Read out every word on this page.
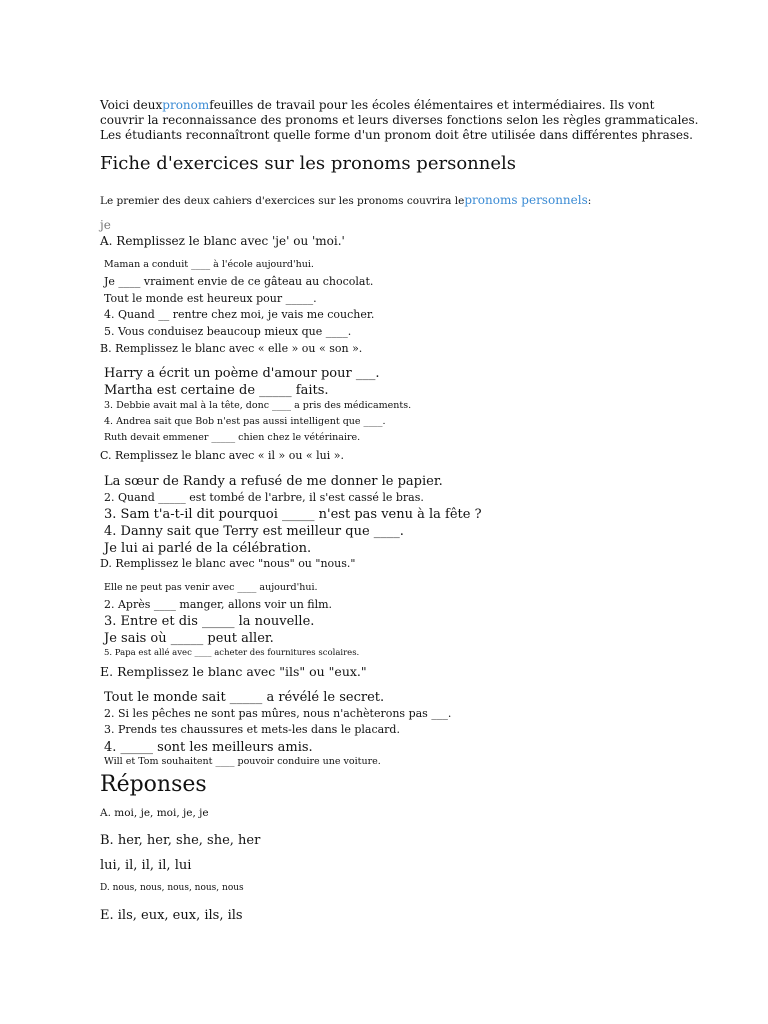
Voici deuxpronomfeuilles de travail pour les écoles élémentaires et intermédiaires. Ils vont
couvrir la reconnaissance des pronoms et leurs diverses fonctions selon les règles grammaticales.
Les étudiants reconnaîtront quelle forme d'un pronom doit être utilisée dans différentes phrases.
Fiche d'exercices sur les pronoms personnels
Le premier des deux cahiers d'exercices sur les pronoms couvrira lepronoms personnels:
je
A. Remplissez le blanc avec 'je' ou 'moi.'
Maman a conduit ____ à l'école aujourd'hui.
Je ____ vraiment envie de ce gâteau au chocolat.
Tout le monde est heureux pour _____.
4. Quand __ rentre chez moi, je vais me coucher.
5. Vous conduisez beaucoup mieux que ____.
B. Remplissez le blanc avec « elle » ou « son ».
Harry a écrit un poème d'amour pour ___.
Martha est certaine de _____ faits.
3. Debbie avait mal à la tête, donc ____ a pris des médicaments.
4. Andrea sait que Bob n'est pas aussi intelligent que ____.
Ruth devait emmener _____ chien chez le vétérinaire.
C. Remplissez le blanc avec « il » ou « lui ».
La sœur de Randy a refusé de me donner le papier.
2. Quand _____ est tombé de l'arbre, il s'est cassé le bras.
3. Sam t'a-t-il dit pourquoi _____ n'est pas venu à la fête ?
4. Danny sait que Terry est meilleur que ____.
Je lui ai parlé de la célébration.
D. Remplissez le blanc avec "nous" ou "nous."
Elle ne peut pas venir avec ____ aujourd'hui.
2. Après ____ manger, allons voir un film.
3. Entre et dis _____ la nouvelle.
Je sais où _____ peut aller.
5. Papa est allé avec ____ acheter des fournitures scolaires.
E. Remplissez le blanc avec "ils" ou "eux."
Tout le monde sait _____ a révélé le secret.
2. Si les pêches ne sont pas mûres, nous n'achèterons pas ___.
3. Prends tes chaussures et mets-les dans le placard.
4. _____ sont les meilleurs amis.
Will et Tom souhaitent ____ pouvoir conduire une voiture.
Réponses
A. moi, je, moi, je, je
B. her, her, she, she, her
lui, il, il, il, lui
D. nous, nous, nous, nous, nous
E. ils, eux, eux, ils, ils
